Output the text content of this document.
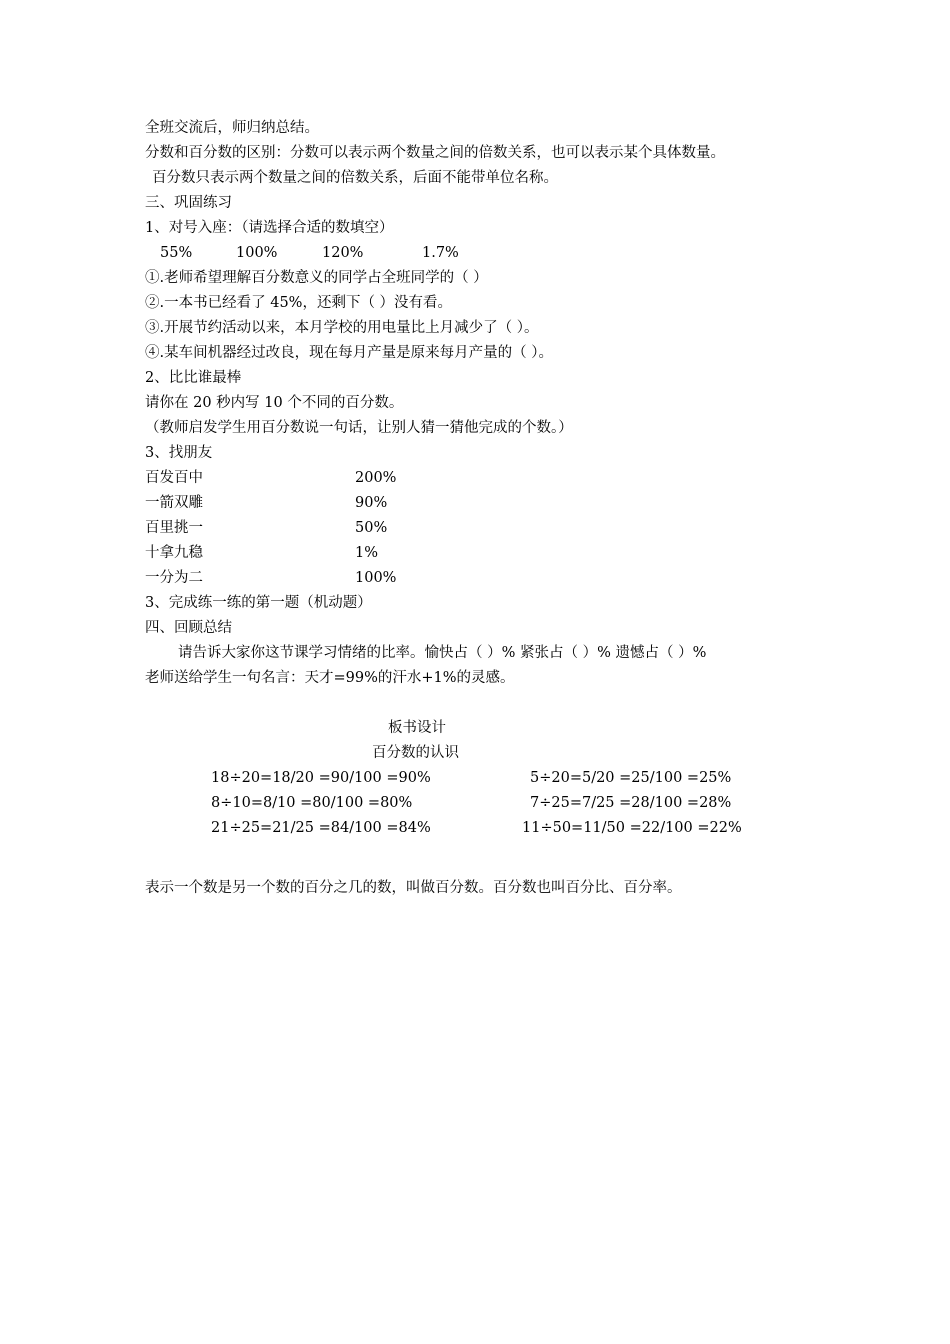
全班交流后，师归纳总结。
分数和百分数的区别：分数可以表示两个数量之间的倍数关系，也可以表示某个具体数量。
百分数只表示两个数量之间的倍数关系，后面不能带单位名称。
三、巩固练习
1、对号入座：（请选择合适的数填空）
55%	100%	120%	1.7%
①.老师希望理解百分数意义的同学占全班同学的（ ）
②.一本书已经看了 45%，还剩下（ ）没有看。
③.开展节约活动以来，本月学校的用电量比上月减少了（ ）。
④.某车间机器经过改良，现在每月产量是原来每月产量的（ ）。
2、比比谁最棒
请你在 20 秒内写 10 个不同的百分数。
（教师启发学生用百分数说一句话，让别人猜一猜他完成的个数。）
3、找朋友
百发百中	200%
一箭双雕	90%
百里挑一	50%
十拿九稳	1%
一分为二	100%
3、完成练一练的第一题（机动题）
四、回顾总结
请告诉大家你这节课学习情绪的比率。愉快占（ ）% 紧张占（ ）% 遗憾占（ ）%
老师送给学生一句名言：天才=99%的汗水+1%的灵感。
板书设计
百分数的认识
18÷20=18/20 =90/100 =90%
8÷10=8/10 =80/100 =80%
21÷25=21/25 =84/100 =84%
5÷20=5/20 =25/100 =25%
7÷25=7/25 =28/100 =28%
11÷50=11/50 =22/100 =22%
表示一个数是另一个数的百分之几的数，叫做百分数。百分数也叫百分比、百分率。
